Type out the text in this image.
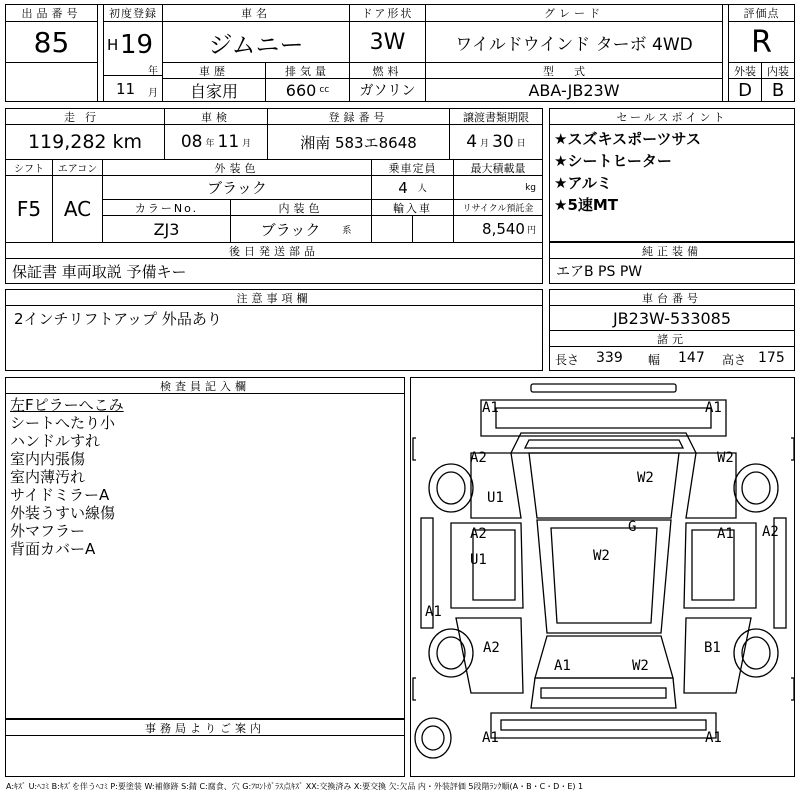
出品番号
85
初度登録
H 19
年
11 月
車名
ジムニー
ドア形状
3W
グレード
ワイルドウインド ターボ 4WD
評価点
R
車歴
自家用
排気量
660 cc
燃料
ガソリン
型式
ABA-JB23W
外装
D
内装
B
走行
119,282 km
車検
08 年 11 月
登録番号
湘南 583エ8648
譲渡書類期限
4 月 30 日
シフト
F5
エアコン
AC
外装色
ブラック
乗車定員
4 人
最大積載量
kg
カラーNo.
ZJ3
内装色
ブラック 系
輸入車	リサイクル預託金
8,540 円
後日発送部品
保証書 車両取説 予備キー
セールスポイント
★スズキスポーツサス
★シートヒーター
★アルミ
★5速MT
純正装備
エアB PS PW
注意事項欄
2インチリフトアップ 外品あり
車台番号
JB23W-533085
諸元
長さ 339 幅 147 高さ 175
検査員記入欄
左Fピラーへこみ
シートへたり小
ハンドルすれ
室内内張傷
室内薄汚れ
サイドミラーA
外装うすい線傷
外マフラー
背面カバーA
事務局よりご案内
A1	A1
A2
W2
W2
U1
G
A2	A1 A2
U1	W2
A1
A2	B1
A1	W2
A1	A1
A:ｷｽﾞ U:ﾍｺﾐ B:ｷｽﾞを伴うﾍｺﾐ P:要塗装 W:補修跡 S:錆 C:腐食、穴 G:ﾌﾛﾝﾄｶﾞﾗｽ点ｷｽﾞ XX:交換済み X:要交換 欠:欠品 内・外装評価 5段階ﾗﾝｸ順(A・B・C・D・E) 1
